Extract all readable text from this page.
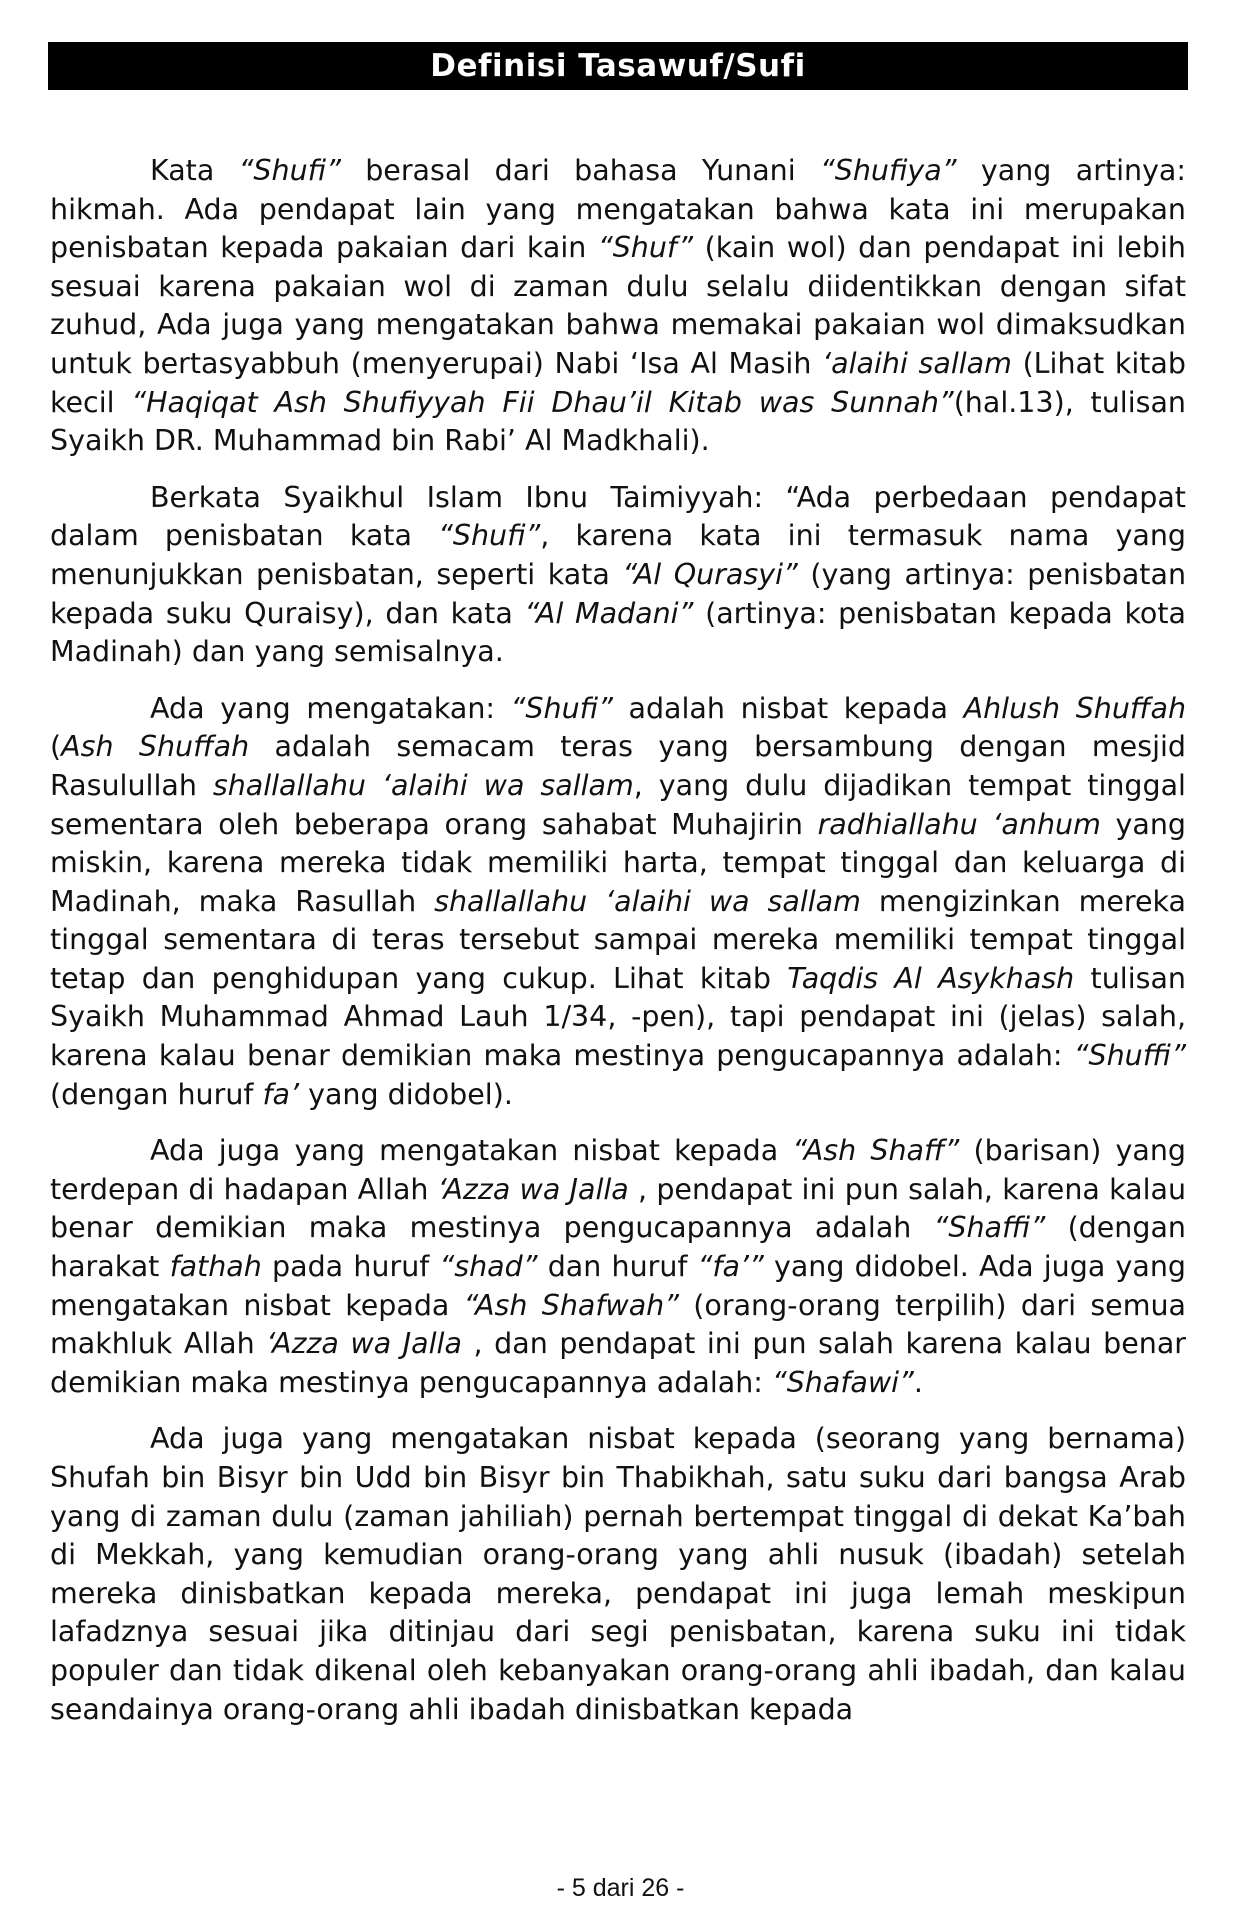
Definisi Tasawuf/Sufi

Kata “Shufi” berasal dari bahasa Yunani “Shufiya” yang artinya: hikmah. Ada pendapat lain yang mengatakan bahwa kata ini merupakan penisbatan kepada pakaian dari kain “Shuf” (kain wol) dan pendapat ini lebih sesuai karena pakaian wol di zaman dulu selalu diidentikkan dengan sifat zuhud, Ada juga yang mengatakan bahwa memakai pakaian wol dimaksudkan untuk bertasyabbuh (menyerupai) Nabi ‘Isa Al Masih ‘alaihi sallam (Lihat kitab kecil “Haqiqat Ash Shufiyyah Fii Dhau’il Kitab was Sunnah”(hal.13), tulisan Syaikh DR. Muhammad bin Rabi’ Al Madkhali).

Berkata Syaikhul Islam Ibnu Taimiyyah: “Ada perbedaan pendapat dalam penisbatan kata “Shufi”, karena kata ini termasuk nama yang menunjukkan penisbatan, seperti kata “Al Qurasyi” (yang artinya: penisbatan kepada suku Quraisy), dan kata “Al Madani” (artinya: penisbatan kepada kota Madinah) dan yang semisalnya.

Ada yang mengatakan: “Shufi” adalah nisbat kepada Ahlush Shuffah (Ash Shuffah adalah semacam teras yang bersambung dengan mesjid Rasulullah shallallahu ‘alaihi wa sallam, yang dulu dijadikan tempat tinggal sementara oleh beberapa orang sahabat Muhajirin radhiallahu ‘anhum yang miskin, karena mereka tidak memiliki harta, tempat tinggal dan keluarga di Madinah, maka Rasullah shallallahu ‘alaihi wa sallam mengizinkan mereka tinggal sementara di teras tersebut sampai mereka memiliki tempat tinggal tetap dan penghidupan yang cukup. Lihat kitab Taqdis Al Asykhash tulisan Syaikh Muhammad Ahmad Lauh 1/34, -pen), tapi pendapat ini (jelas) salah, karena kalau benar demikian maka mestinya pengucapannya adalah: “Shuffi” (dengan huruf fa’ yang didobel).

Ada juga yang mengatakan nisbat kepada “Ash Shaff” (barisan) yang terdepan di hadapan Allah ‘Azza wa Jalla , pendapat ini pun salah, karena kalau benar demikian maka mestinya pengucapannya adalah “Shaffi” (dengan harakat fathah pada huruf “shad” dan huruf “fa’” yang didobel. Ada juga yang mengatakan nisbat kepada “Ash Shafwah” (orang-orang terpilih) dari semua makhluk Allah ‘Azza wa Jalla , dan pendapat ini pun salah karena kalau benar demikian maka mestinya pengucapannya adalah: “Shafawi”.

Ada juga yang mengatakan nisbat kepada (seorang yang bernama) Shufah bin Bisyr bin Udd bin Bisyr bin Thabikhah, satu suku dari bangsa Arab yang di zaman dulu (zaman jahiliah) pernah bertempat tinggal di dekat Ka’bah di Mekkah, yang kemudian orang-orang yang ahli nusuk (ibadah) setelah mereka dinisbatkan kepada mereka, pendapat ini juga lemah meskipun lafadznya sesuai jika ditinjau dari segi penisbatan, karena suku ini tidak populer dan tidak dikenal oleh kebanyakan orang-orang ahli ibadah, dan kalau seandainya orang-orang ahli ibadah dinisbatkan kepada

- 5 dari 26 -
